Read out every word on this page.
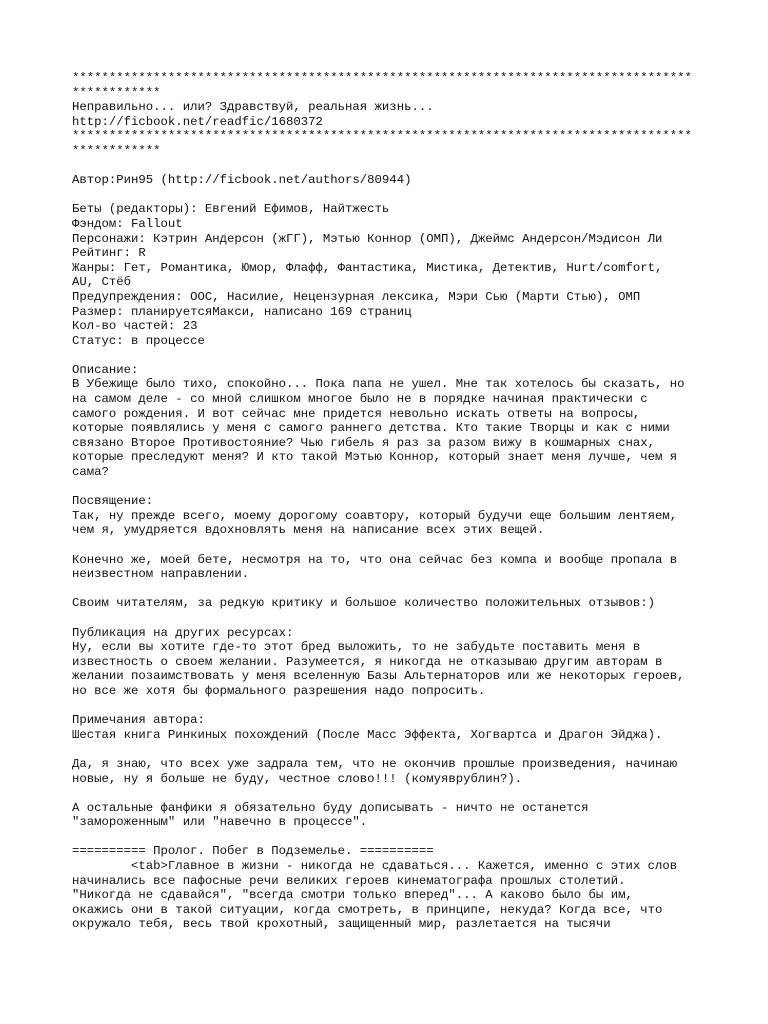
************************************************************************************
************
Неправильно... или? Здравствуй, реальная жизнь...
http://ficbook.net/readfic/1680372
************************************************************************************
************
Автор:Рин95 (http://ficbook.net/authors/80944)
Беты (редакторы): Евгений Ефимов, Найтжесть
Фэндом: Fallout
Персонажи: Кэтрин Андерсон (жГГ), Мэтью Коннор (ОМП), Джеймс Андерсон/Мэдисон Ли
Рейтинг: R
Жанры: Гет, Романтика, Юмор, Флафф, Фантастика, Мистика, Детектив, Hurt/comfort,
AU, Стёб
Предупреждения: OOC, Насилие, Нецензурная лексика, Мэри Сью (Марти Стью), ОМП
Размер: планируетсяМакси, написано 169 страниц
Кол-во частей: 23
Статус: в процессе
Описание:
В Убежище было тихо, спокойно... Пока папа не ушел. Мне так хотелось бы сказать, но
на самом деле - со мной слишком многое было не в порядке начиная практически с
самого рождения. И вот сейчас мне придется невольно искать ответы на вопросы,
которые появлялись у меня с самого раннего детства. Кто такие Творцы и как с ними
связано Второе Противостояние? Чью гибель я раз за разом вижу в кошмарных снах,
которые преследуют меня? И кто такой Мэтью Коннор, который знает меня лучше, чем я
сама?
Посвящение:
Так, ну прежде всего, моему дорогому соавтору, который будучи еще большим лентяем,
чем я, умудряется вдохновлять меня на написание всех этих вещей.
Конечно же, моей бете, несмотря на то, что она сейчас без компа и вообще пропала в
неизвестном направлении.
Своим читателям, за редкую критику и большое количество положительных отзывов:)
Публикация на других ресурсах:
Ну, если вы хотите где-то этот бред выложить, то не забудьте поставить меня в
известность о своем желании. Разумеется, я никогда не отказываю другим авторам в
желании позаимствовать у меня вселенную Базы Альтернаторов или же некоторых героев,
но все же хотя бы формального разрешения надо попросить.
Примечания автора:
Шестая книга Ринкиных похождений (После Масс Эффекта, Хогвартса и Драгон Эйджа).
Да, я знаю, что всех уже задрала тем, что не окончив прошлые произведения, начинаю
новые, ну я больше не буду, честное слово!!! (комуяврублин?).
А остальные фанфики я обязательно буду дописывать - ничто не останется
"замороженным" или "навечно в процессе".
========== Пролог. Побег в Подземелье. ==========
<tab>Главное в жизни - никогда не сдаваться... Кажется, именно с этих слов
начинались все пафосные речи великих героев кинематографа прошлых столетий.
"Никогда не сдавайся", "всегда смотри только вперед"... А каково было бы им,
окажись они в такой ситуации, когда смотреть, в принципе, некуда? Когда все, что
окружало тебя, весь твой крохотный, защищенный мир, разлетается на тысячи
